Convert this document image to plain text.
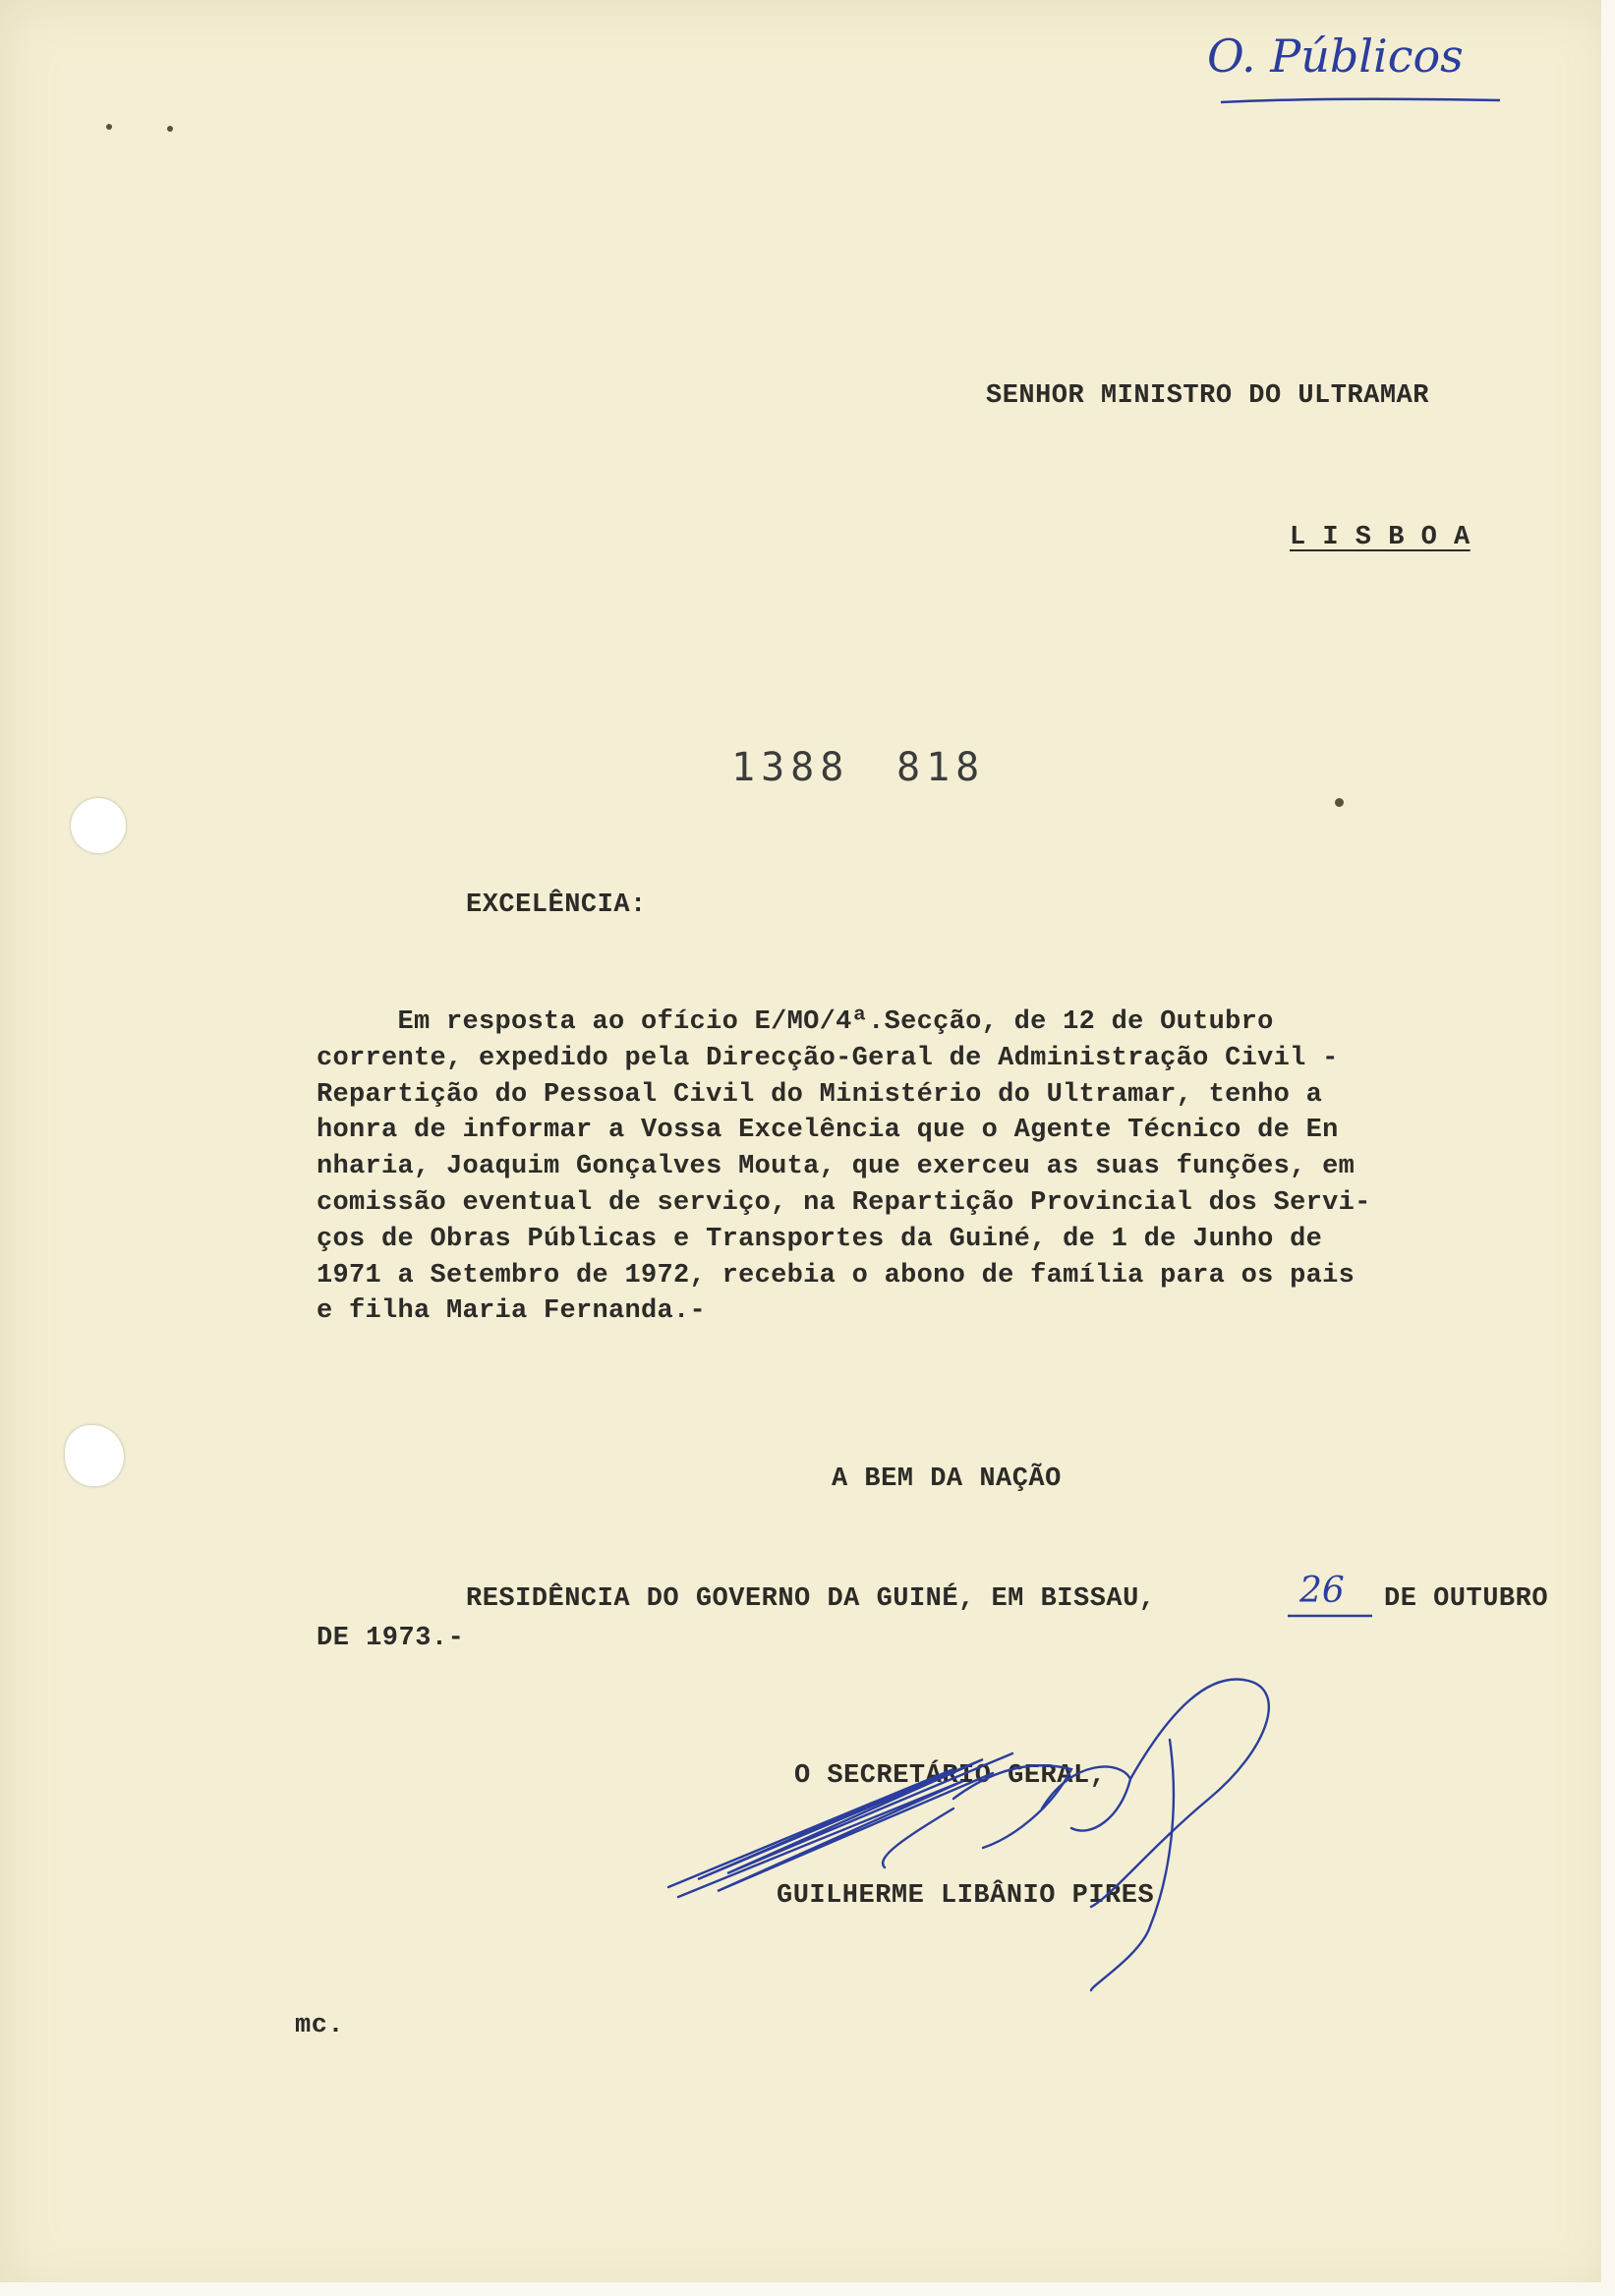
O. Públicos
SENHOR MINISTRO DO ULTRAMAR
L I S B O A
1388 818
EXCELÊNCIA:
Em resposta ao ofício E/MO/4ª.Secção, de 12 de Outubro
corrente, expedido pela Direcção-Geral de Administração Civil -
Repartição do Pessoal Civil do Ministério do Ultramar, tenho a
honra de informar a Vossa Excelência que o Agente Técnico de En
nharia, Joaquim Gonçalves Mouta, que exerceu as suas funções, em
comissão eventual de serviço, na Repartição Provincial dos Servi-
ços de Obras Públicas e Transportes da Guiné, de 1 de Junho de
1971 a Setembro de 1972, recebia o abono de família para os pais
e filha Maria Fernanda.-
A BEM DA NAÇÃO
RESIDÊNCIA DO GOVERNO DA GUINÉ, EM BISSAU,	26 DE OUTUBRO
DE 1973.-
O SECRETÁRIO GERAL,
GUILHERME LIBÂNIO PIRES
mc.
